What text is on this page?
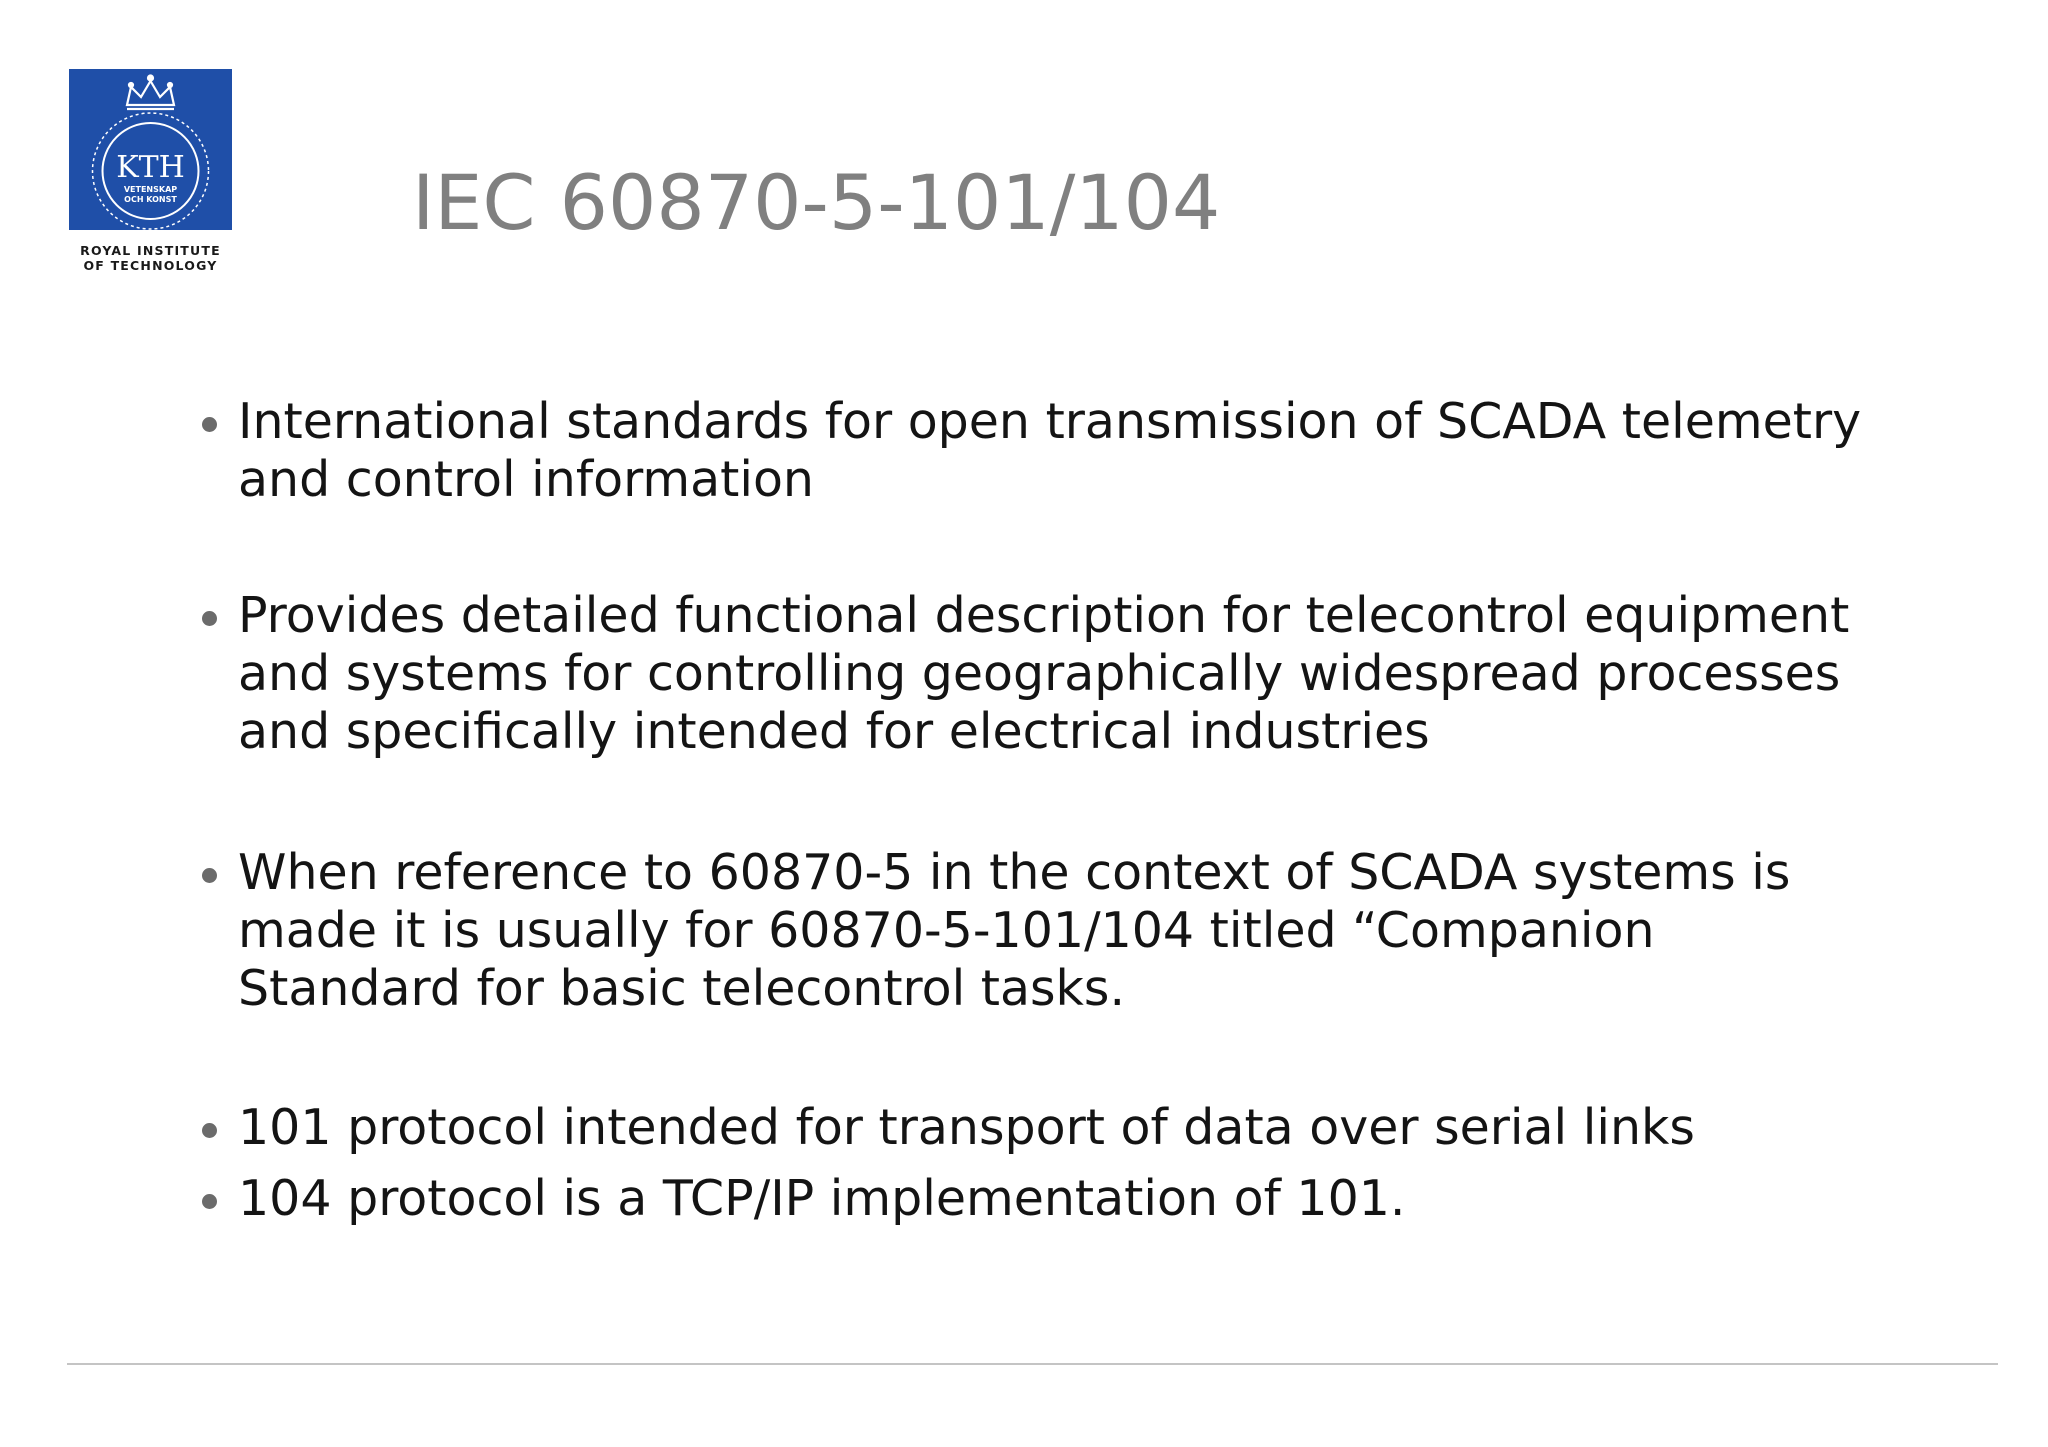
KTH
VETENSKAP
OCH KONST
ROYAL INSTITUTE
OF TECHNOLOGY
IEC 60870-5-101/104
International standards for open transmission of SCADA telemetry
and control information
Provides detailed functional description for telecontrol equipment
and systems for controlling geographically widespread processes
and specifically intended for electrical industries
When reference to 60870-5 in the context of SCADA systems is
made it is usually for 60870-5-101/104 titled “Companion
Standard for basic telecontrol tasks.
101 protocol intended for transport of data over serial links
104 protocol is a TCP/IP implementation of 101.
